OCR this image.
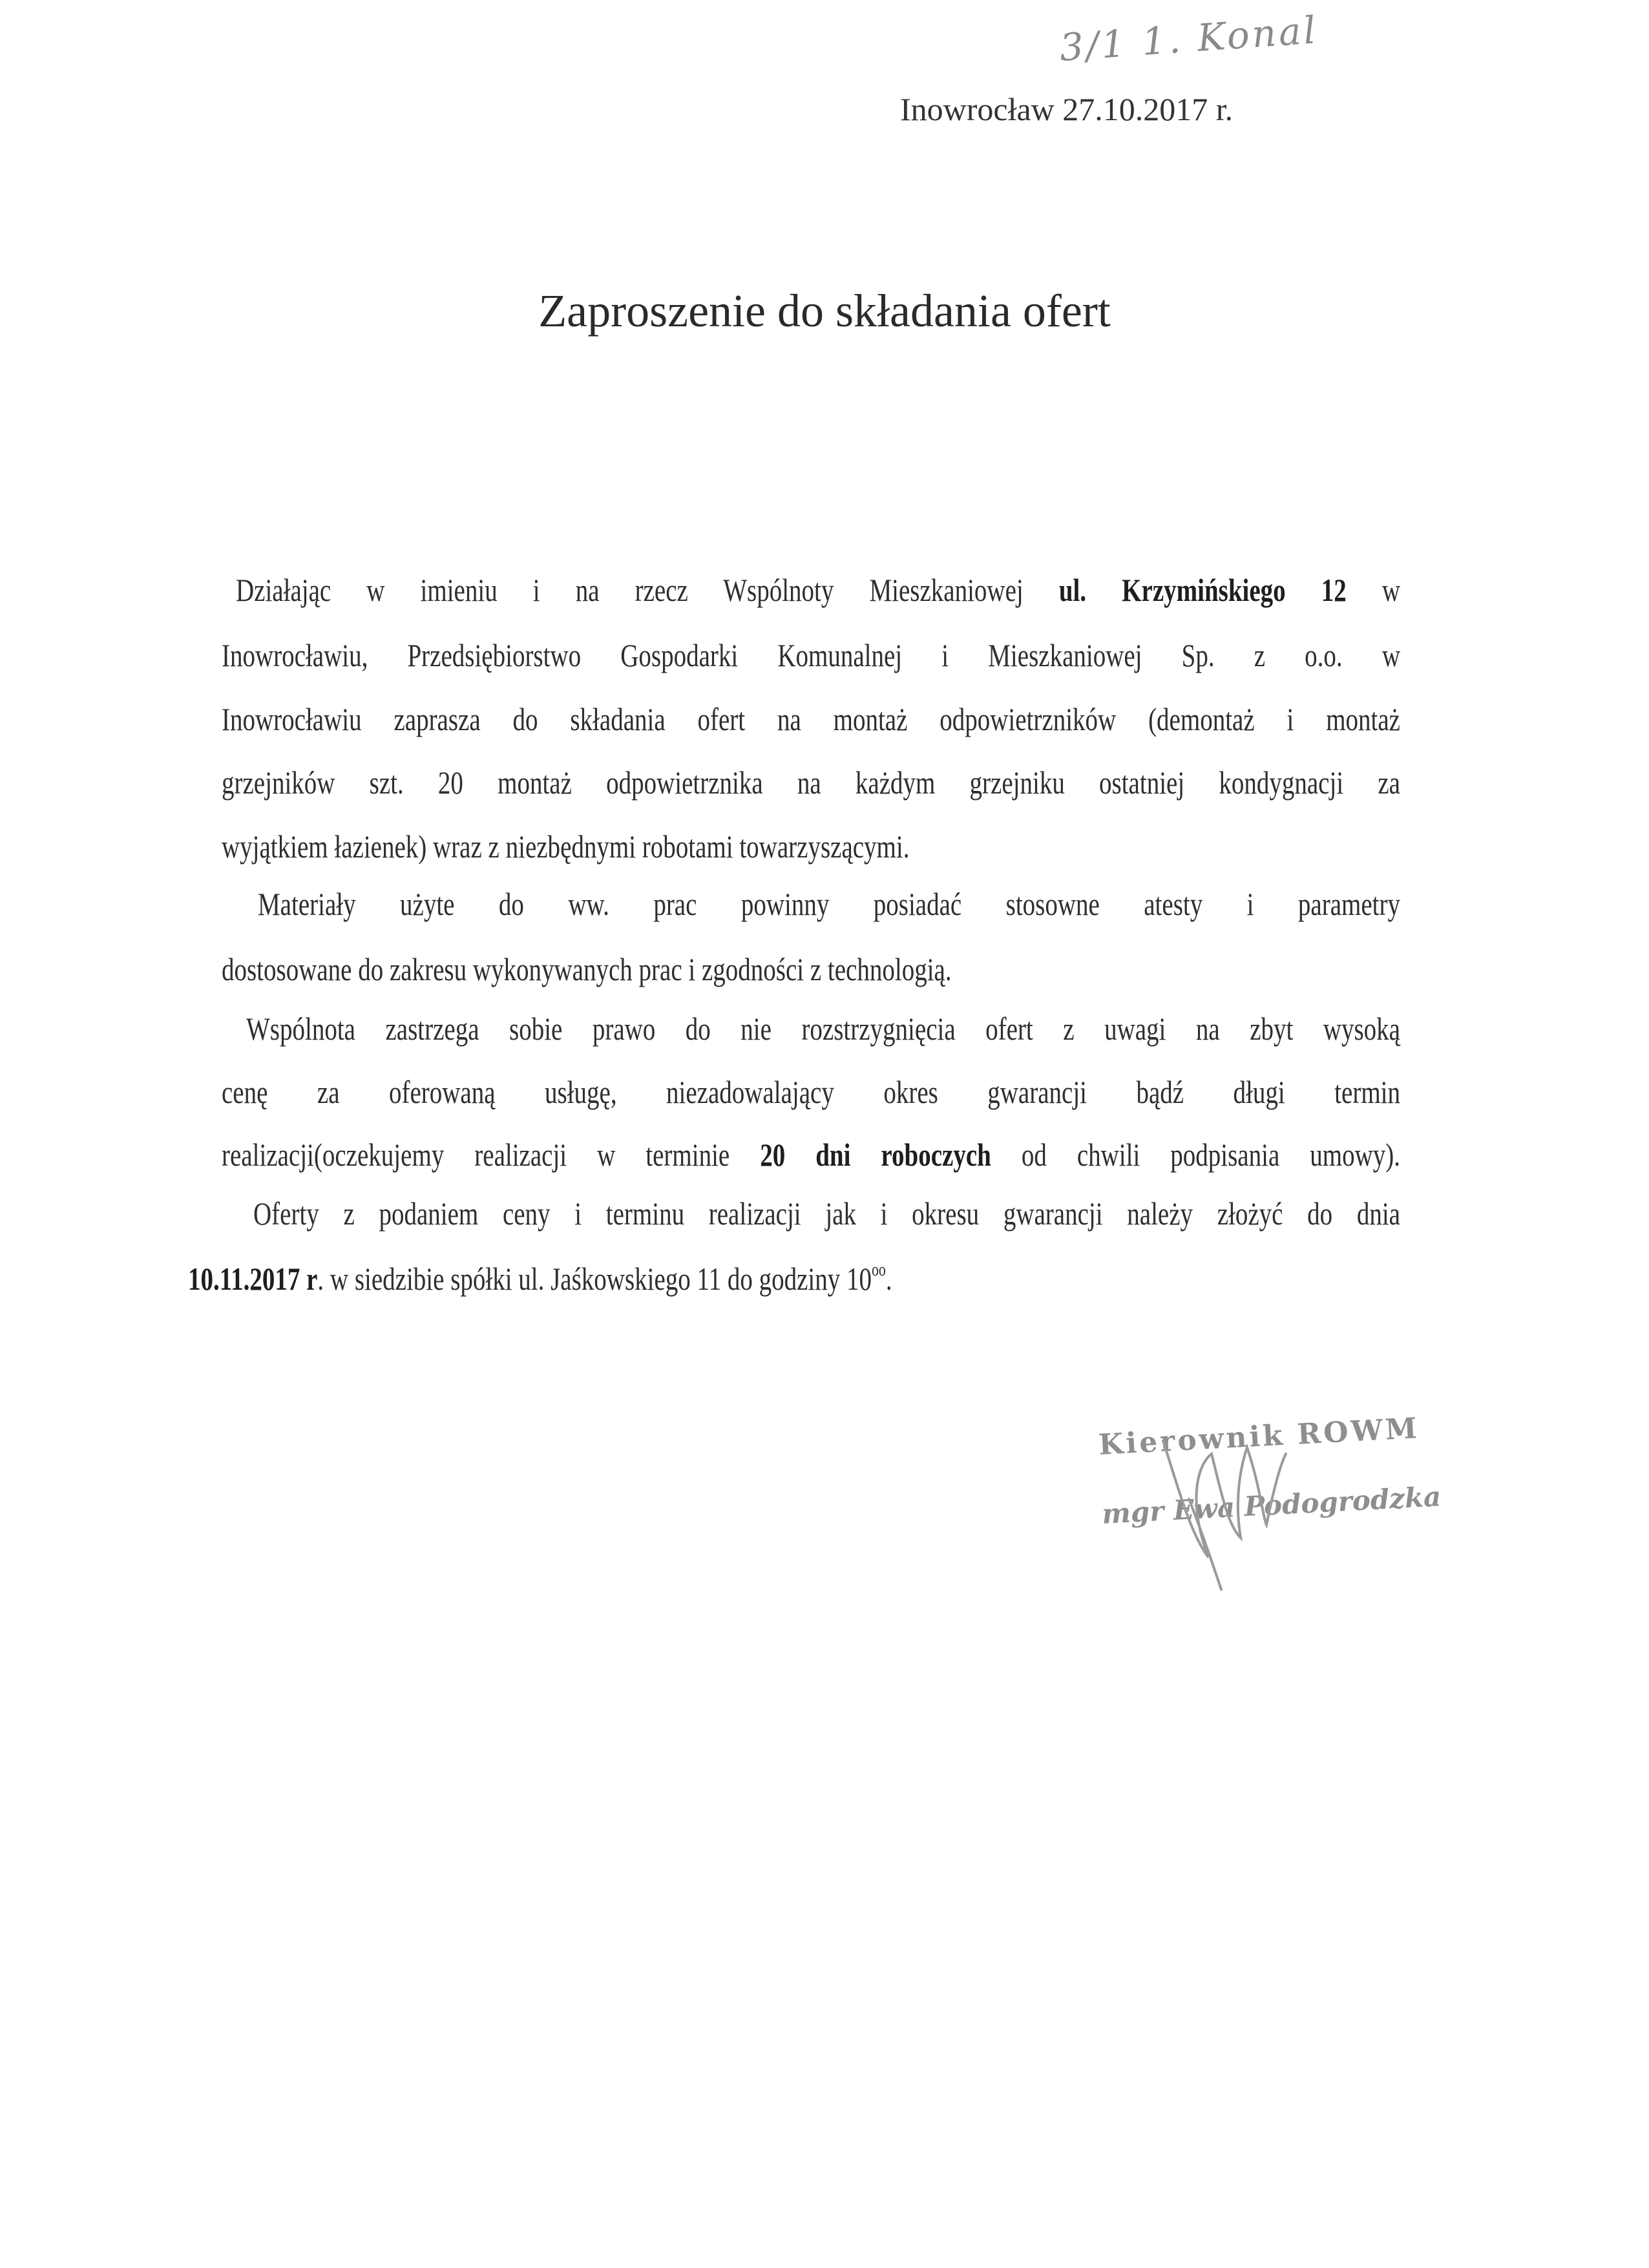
3/1 1. Konal
Inowrocław 27.10.2017 r.
Zaproszenie do składania ofert
Działając w imieniu i na rzecz Wspólnoty Mieszkaniowej ul. Krzymińskiego 12 w
Inowrocławiu, Przedsiębiorstwo Gospodarki Komunalnej i Mieszkaniowej Sp. z o.o. w
Inowrocławiu zaprasza do składania ofert na montaż odpowietrzników (demontaż i montaż
grzejników szt. 20 montaż odpowietrznika na każdym grzejniku ostatniej kondygnacji za
wyjątkiem łazienek) wraz z niezbędnymi robotami towarzyszącymi.
Materiały użyte do ww. prac powinny posiadać stosowne atesty i parametry
dostosowane do zakresu wykonywanych prac i zgodności z technologią.
Wspólnota zastrzega sobie prawo do nie rozstrzygnięcia ofert z uwagi na zbyt wysoką
cenę za oferowaną usługę, niezadowalający okres gwarancji bądź długi termin
realizacji(oczekujemy realizacji w terminie 20 dni roboczych od chwili podpisania umowy).
Oferty z podaniem ceny i terminu realizacji jak i okresu gwarancji należy złożyć do dnia
10.11.2017 r. w siedzibie spółki ul. Jaśkowskiego 11 do godziny $10^{oo}$.
Kierownik ROWM
mgr Ewa Podogrodzka
